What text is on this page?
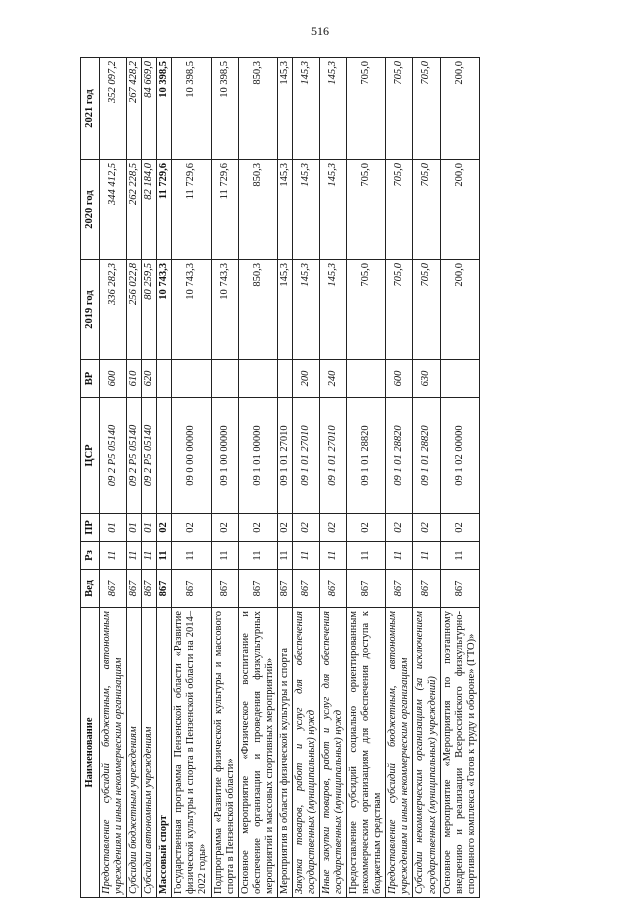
516
Наименование	Вед	Рз	ПР	ЦСР	ВР	2019 год	2020 год	2021 год
Предоставление субсидий бюджетным, автономным учреждениям и иным некоммерческим организациям	867	11	01	09 2 P5 05140	600	336 282,3	344 412,5	352 097,2
Субсидии бюджетным учреждениям	867	11	01	09 2 P5 05140	610	256 022,8	262 228,5	267 428,2
Субсидии автономным учреждениям	867	11	01	09 2 P5 05140	620	80 259,5	82 184,0	84 669,0
Массовый спорт	867	11	02			10 743,3	11 729,6	10 398,5
Государственная программа Пензенской области «Развитие физической культуры и спорта в Пензенской области на 2014–2022 годы»	867	11	02	09 0 00 00000		10 743,3	11 729,6	10 398,5
Подпрограмма «Развитие физической культуры и массового спорта в Пензенской области»	867	11	02	09 1 00 00000		10 743,3	11 729,6	10 398,5
Основное мероприятие «Физическое воспитание и обеспечение организации и проведения физкультурных мероприятий и массовых спортивных мероприятий»	867	11	02	09 1 01 00000		850,3	850,3	850,3
Мероприятия в области физической культуры и спорта	867	11	02	09 1 01 27010		145,3	145,3	145,3
Закупка товаров, работ и услуг для обеспечения государственных (муниципальных) нужд	867	11	02	09 1 01 27010	200	145,3	145,3	145,3
Иные закупки товаров, работ и услуг для обеспечения государственных (муниципальных) нужд	867	11	02	09 1 01 27010	240	145,3	145,3	145,3
Предоставление субсидий социально ориентированным некоммерческим организациям для обеспечения доступа к бюджетным средствам	867	11	02	09 1 01 28820		705,0	705,0	705,0
Предоставление субсидий бюджетным, автономным учреждениям и иным некоммерческим организациям	867	11	02	09 1 01 28820	600	705,0	705,0	705,0
Субсидии некоммерческим организациям (за исключением государственных (муниципальных) учреждений)	867	11	02	09 1 01 28820	630	705,0	705,0	705,0
Основное мероприятие «Мероприятия по поэтапному внедрению и реализации Всероссийского физкультурно-спортивного комплекса «Готов к труду и обороне» (ГТО)»	867	11	02	09 1 02 00000		200,0	200,0	200,0
